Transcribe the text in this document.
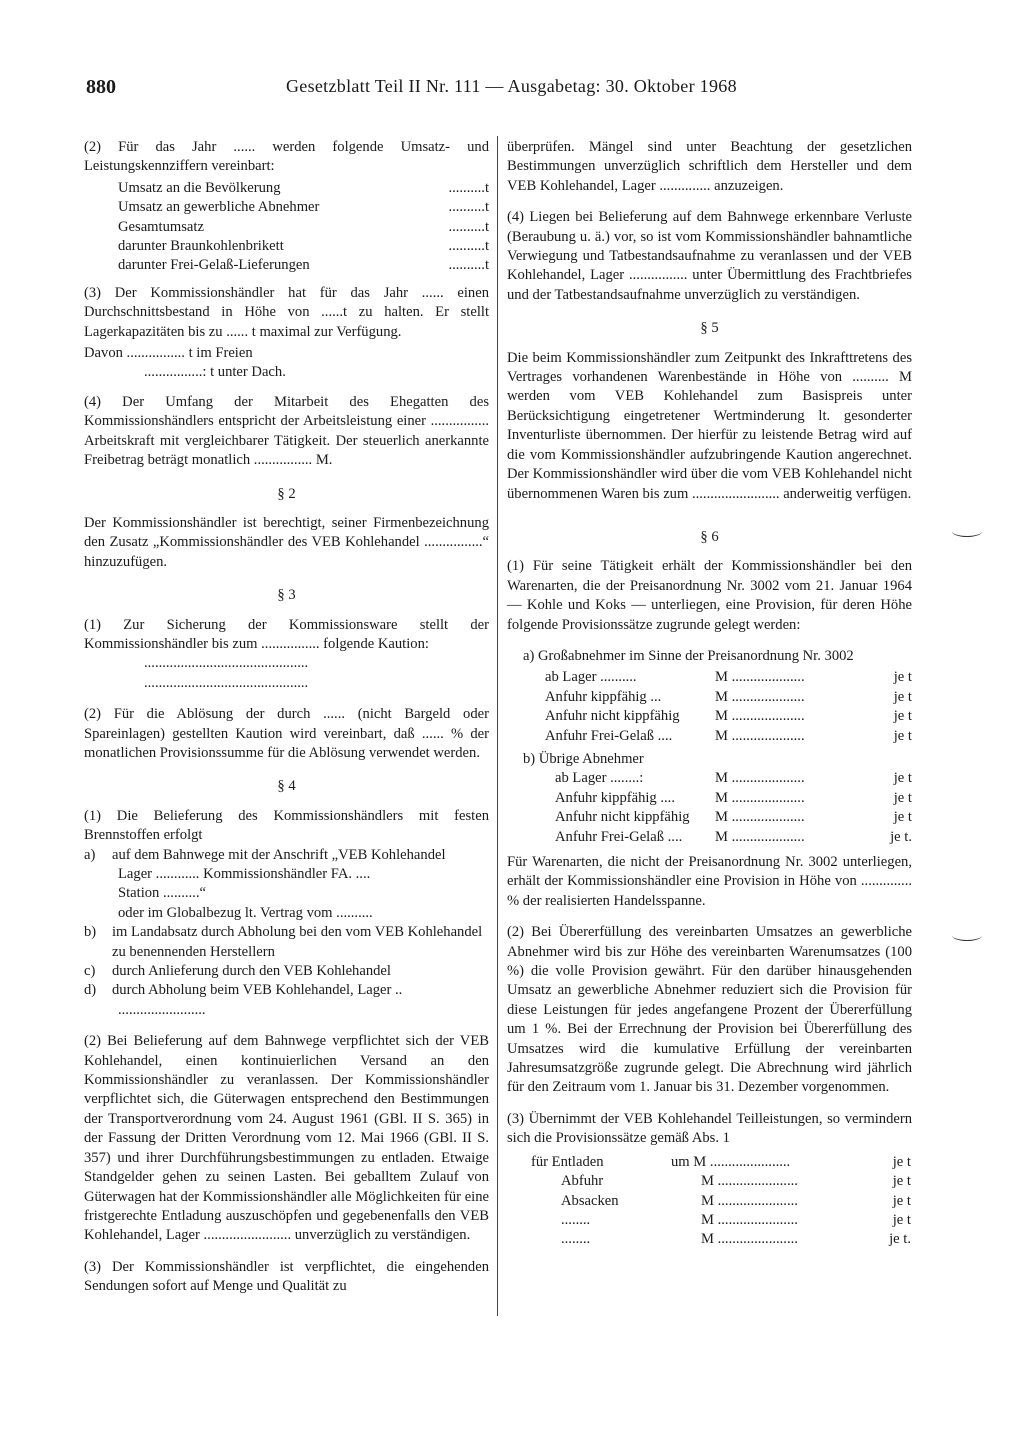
880	Gesetzblatt Teil II Nr. 111 — Ausgabetag: 30. Oktober 1968

(2) Für das Jahr ...... werden folgende Umsatz- und Leistungskennziffern vereinbart:

Umsatz an die Bevölkerung	..........t
Umsatz an gewerbliche Abnehmer	..........t
Gesamtumsatz	..........t
darunter Braunkohlenbrikett	..........t
darunter Frei-Gelaß-Lieferungen	..........t

(3) Der Kommissionshändler hat für das Jahr ...... einen Durchschnittsbestand in Höhe von ......t zu halten. Er stellt Lagerkapazitäten bis zu ...... t maximal zur Verfügung.

Davon ................ t im Freien
................: t unter Dach.

(4) Der Umfang der Mitarbeit des Ehegatten des Kommissionshändlers entspricht der Arbeitsleistung einer ................ Arbeitskraft mit vergleichbarer Tätigkeit. Der steuerlich anerkannte Freibetrag beträgt monatlich ................ M.

§ 2

Der Kommissionshändler ist berechtigt, seiner Firmenbezeichnung den Zusatz „Kommissionshändler des VEB Kohlehandel ................“ hinzuzufügen.

§ 3

(1) Zur Sicherung der Kommissionsware stellt der Kommissionshändler bis zum ................ folgende Kaution:

.............................................
.............................................

(2) Für die Ablösung der durch ...... (nicht Bargeld oder Spareinlagen) gestellten Kaution wird vereinbart, daß ...... % der monatlichen Provisionssumme für die Ablösung verwendet werden.

§ 4

(1) Die Belieferung des Kommissionshändlers mit festen Brennstoffen erfolgt

a)	auf dem Bahnwege mit der Anschrift „VEB Kohlehandel
Lager ............ Kommissionshändler FA. ....
Station ..........“
oder im Globalbezug lt. Vertrag vom ..........
b)	im Landabsatz durch Abholung bei den vom VEB Kohlehandel zu benennenden Herstellern
c)	durch Anlieferung durch den VEB Kohlehandel
d)	durch Abholung beim VEB Kohlehandel, Lager ..
........................

(2) Bei Belieferung auf dem Bahnwege verpflichtet sich der VEB Kohlehandel, einen kontinuierlichen Versand an den Kommissionshändler zu veranlassen. Der Kommissionshändler verpflichtet sich, die Güterwagen entsprechend den Bestimmungen der Transportverordnung vom 24. August 1961 (GBl. II S. 365) in der Fassung der Dritten Verordnung vom 12. Mai 1966 (GBl. II S. 357) und ihrer Durchführungsbestimmungen zu entladen. Etwaige Standgelder gehen zu seinen Lasten. Bei geballtem Zulauf von Güterwagen hat der Kommissionshändler alle Möglichkeiten für eine fristgerechte Entladung auszuschöpfen und gegebenenfalls den VEB Kohlehandel, Lager ........................ unverzüglich zu verständigen.

(3) Der Kommissionshändler ist verpflichtet, die eingehenden Sendungen sofort auf Menge und Qualität zu

überprüfen. Mängel sind unter Beachtung der gesetzlichen Bestimmungen unverzüglich schriftlich dem Hersteller und dem VEB Kohlehandel, Lager .............. anzuzeigen.

(4) Liegen bei Belieferung auf dem Bahnwege erkennbare Verluste (Beraubung u. ä.) vor, so ist vom Kommissionshändler bahnamtliche Verwiegung und Tatbestandsaufnahme zu veranlassen und der VEB Kohlehandel, Lager ................ unter Übermittlung des Frachtbriefes und der Tatbestandsaufnahme unverzüglich zu verständigen.

§ 5

Die beim Kommissionshändler zum Zeitpunkt des Inkrafttretens des Vertrages vorhandenen Warenbestände in Höhe von .......... M werden vom VEB Kohlehandel zum Basispreis unter Berücksichtigung eingetretener Wertminderung lt. gesonderter Inventurliste übernommen. Der hierfür zu leistende Betrag wird auf die vom Kommissionshändler aufzubringende Kaution angerechnet. Der Kommissionshändler wird über die vom VEB Kohlehandel nicht übernommenen Waren bis zum ........................ anderweitig verfügen.

§ 6

(1) Für seine Tätigkeit erhält der Kommissionshändler bei den Warenarten, die der Preisanordnung Nr. 3002 vom 21. Januar 1964 — Kohle und Koks — unterliegen, eine Provision, für deren Höhe folgende Provisionssätze zugrunde gelegt werden:

a) Großabnehmer im Sinne der Preisanordnung Nr. 3002
ab Lager ..........	M ....................	je t
Anfuhr kippfähig ...	M ....................	je t
Anfuhr nicht kippfähig	M ....................	je t
Anfuhr Frei-Gelaß ....	M ....................	je t
b) Übrige Abnehmer
ab Lager ........:	M ....................	je t
Anfuhr kippfähig ....	M ....................	je t
Anfuhr nicht kippfähig	M ....................	je t
Anfuhr Frei-Gelaß ....	M ....................	je t.

Für Warenarten, die nicht der Preisanordnung Nr. 3002 unterliegen, erhält der Kommissionshändler eine Provision in Höhe von .............. % der realisierten Handelsspanne.

(2) Bei Übererfüllung des vereinbarten Umsatzes an gewerbliche Abnehmer wird bis zur Höhe des vereinbarten Warenumsatzes (100 %) die volle Provision gewährt. Für den darüber hinausgehenden Umsatz an gewerbliche Abnehmer reduziert sich die Provision für diese Leistungen für jedes angefangene Prozent der Übererfüllung um 1 %. Bei der Errechnung der Provision bei Übererfüllung des Umsatzes wird die kumulative Erfüllung der vereinbarten Jahresumsatzgröße zugrunde gelegt. Die Abrechnung wird jährlich für den Zeitraum vom 1. Januar bis 31. Dezember vorgenommen.

(3) Übernimmt der VEB Kohlehandel Teilleistungen, so vermindern sich die Provisionssätze gemäß Abs. 1

für Entladen	um M ......................	je t
Abfuhr	M ......................	je t
Absacken	M ......................	je t
........	M ......................	je t
........	M ......................	je t.
